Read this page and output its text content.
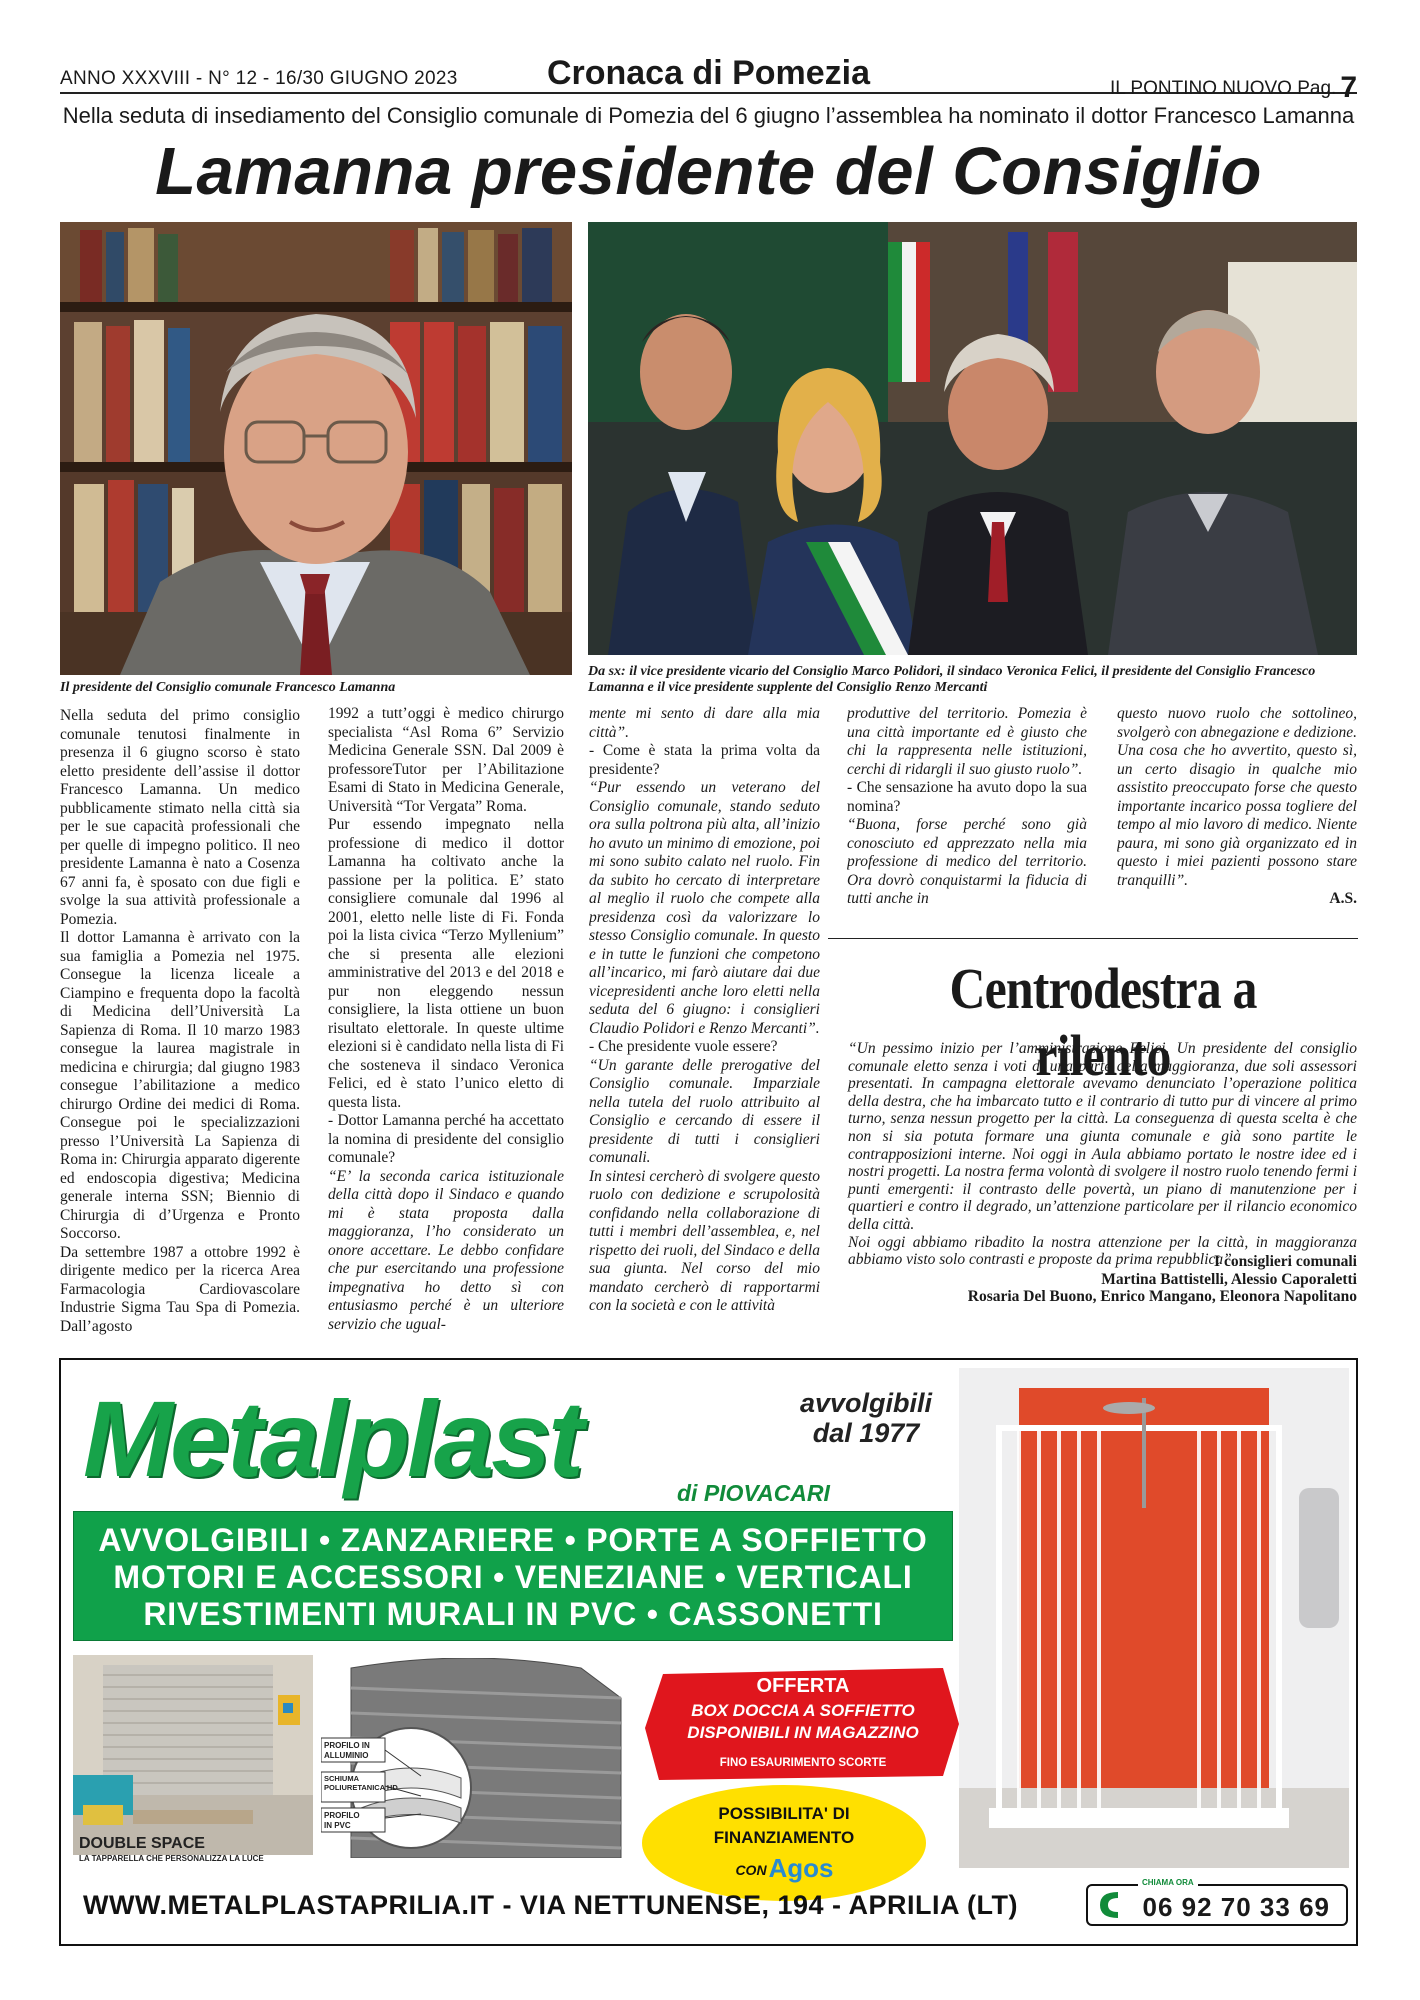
ANNO XXXVIII - N° 12 - 16/30 GIUGNO 2023	Cronaca di Pomezia	IL PONTINO NUOVO Pag. 7
Nella seduta di insediamento del Consiglio comunale di Pomezia del 6 giugno l’assemblea ha nominato il dottor Francesco Lamanna
Lamanna presidente del Consiglio
Il presidente del Consiglio comunale Francesco Lamanna
Da sx: il vice presidente vicario del Consiglio Marco Polidori, il sindaco Veronica Felici, il presidente del Consiglio Francesco Lamanna e il vice presidente supplente del Consiglio Renzo Mercanti

Nella seduta del primo consiglio comunale tenutosi finalmente in presenza il 6 giugno scorso è stato eletto presidente dell’assise il dottor Francesco Lamanna. Un medico pubblicamente stimato nella città sia per le sue capacità professionali che per quelle di impegno politico. Il neo presidente Lamanna è nato a Cosenza 67 anni fa, è sposato con due figli e svolge la sua attività professionale a Pomezia.

Il dottor Lamanna è arrivato con la sua famiglia a Pomezia nel 1975. Consegue la licenza liceale a Ciampino e frequenta dopo la facoltà di Medicina dell’Università La Sapienza di Roma. Il 10 marzo 1983 consegue la laurea magistrale in medicina e chirurgia; dal giugno 1983 consegue l’abilitazione a medico chirurgo Ordine dei medici di Roma. Consegue poi le specializzazioni presso l’Università La Sapienza di Roma in: Chirurgia apparato digerente ed endoscopia digestiva; Medicina generale interna SSN; Biennio di Chirurgia di d’Urgenza e Pronto Soccorso.

Da settembre 1987 a ottobre 1992 è dirigente medico per la ricerca Area Farmacologia Cardiovascolare Industrie Sigma Tau Spa di Pomezia. Dall’agosto

1992 a tutt’oggi è medico chirurgo specialista “Asl Roma 6” Servizio Medicina Generale SSN. Dal 2009 è professoreTutor per l’Abilitazione Esami di Stato in Medicina Generale, Università “Tor Vergata” Roma.

Pur essendo impegnato nella professione di medico il dottor Lamanna ha coltivato anche la passione per la politica. E’ stato consigliere comunale dal 1996 al 2001, eletto nelle liste di Fi. Fonda poi la lista civica “Terzo Myllenium” che si presenta alle elezioni amministrative del 2013 e del 2018 e pur non eleggendo nessun consigliere, la lista ottiene un buon risultato elettorale. In queste ultime elezioni si è candidato nella lista di Fi che sosteneva il sindaco Veronica Felici, ed è stato l’unico eletto di questa lista.

- Dottor Lamanna perché ha accettato la nomina di presidente del consiglio comunale?

“E’ la seconda carica istituzionale della città dopo il Sindaco e quando mi è stata proposta dalla maggioranza, l’ho considerato un onore accettare. Le debbo confidare che pur esercitando una professione impegnativa ho detto sì con entusiasmo perché è un ulteriore servizio che ugual-

mente mi sento di dare alla mia città”.

- Come è stata la prima volta da presidente?

“Pur essendo un veterano del Consiglio comunale, stando seduto ora sulla poltrona più alta, all’inizio ho avuto un minimo di emozione, poi mi sono subito calato nel ruolo. Fin da subito ho cercato di interpretare al meglio il ruolo che compete alla presidenza così da valorizzare lo stesso Consiglio comunale. In questo e in tutte le funzioni che competono all’incarico, mi farò aiutare dai due vicepresidenti anche loro eletti nella seduta del 6 giugno: i consiglieri Claudio Polidori e Renzo Mercanti”.

- Che presidente vuole essere?

“Un garante delle prerogative del Consiglio comunale. Imparziale nella tutela del ruolo attribuito al Consiglio e cercando di essere il presidente di tutti i consiglieri comunali.

In sintesi cercherò di svolgere questo ruolo con dedizione e scrupolosità confidando nella collaborazione di tutti i membri dell’assemblea, e, nel rispetto dei ruoli, del Sindaco e della sua giunta. Nel corso del mio mandato cercherò di rapportarmi con la società e con le attività

produttive del territorio. Pomezia è una città importante ed è giusto che chi la rappresenta nelle istituzioni, cerchi di ridargli il suo giusto ruolo”.

- Che sensazione ha avuto dopo la sua nomina?

“Buona, forse perché sono già conosciuto ed apprezzato nella mia professione di medico del territorio. Ora dovrò conquistarmi la fiducia di tutti anche in

questo nuovo ruolo che sottolineo, svolgerò con abnegazione e dedizione. Una cosa che ho avvertito, questo sì, un certo disagio in qualche mio assistito preoccupato forse che questo importante incarico possa togliere del tempo al mio lavoro di medico. Niente paura, mi sono già organizzato ed in questo i miei pazienti possono stare tranquilli”.

A.S.

Centrodestra a rilento

“Un pessimo inizio per l’amministrazione Felici. Un presidente del consiglio comunale eletto senza i voti di una parte della maggioranza, due soli assessori presentati. In campagna elettorale avevamo denunciato l’operazione politica della destra, che ha imbarcato tutto e il contrario di tutto pur di vincere al primo turno, senza nessun progetto per la città. La conseguenza di questa scelta è che non si sia potuta formare una giunta comunale e già sono partite le contrapposizioni interne. Noi oggi in Aula abbiamo portato le nostre idee ed i nostri progetti. La nostra ferma volontà di svolgere il nostro ruolo tenendo fermi i punti emergenti: il contrasto delle povertà, un piano di manutenzione per i quartieri e contro il degrado, un’attenzione particolare per il rilancio economico della città.

Noi oggi abbiamo ribadito la nostra attenzione per la città, in maggioranza abbiamo visto solo contrasti e proposte da prima repubblica”.

I consiglieri comunali
Martina Battistelli, Alessio Caporaletti
Rosaria Del Buono, Enrico Mangano, Eleonora Napolitano
Metalplast	di PIOVACARI
avvolgibili
dal 1977
AVVOLGIBILI • ZANZARIERE • PORTE A SOFFIETTO
MOTORI E ACCESSORI • VENEZIANE • VERTICALI
RIVESTIMENTI MURALI IN PVC • CASSONETTI
DOUBLE SPACE
LA TAPPARELLA CHE PERSONALIZZA LA LUCE
PROFILO IN
ALLUMINIO
SCHIUMA
POLIURETANICA HD
PROFILO
IN PVC
OFFERTA
BOX DOCCIA A SOFFIETTO
DISPONIBILI IN MAGAZZINO
FINO ESAURIMENTO SCORTE
POSSIBILITA' DI
FINANZIAMENTO
CON Agos
WWW.METALPLASTAPRILIA.IT - VIA NETTUNENSE, 194 - APRILIA (LT)
CHIAMA ORA
06 92 70 33 69
